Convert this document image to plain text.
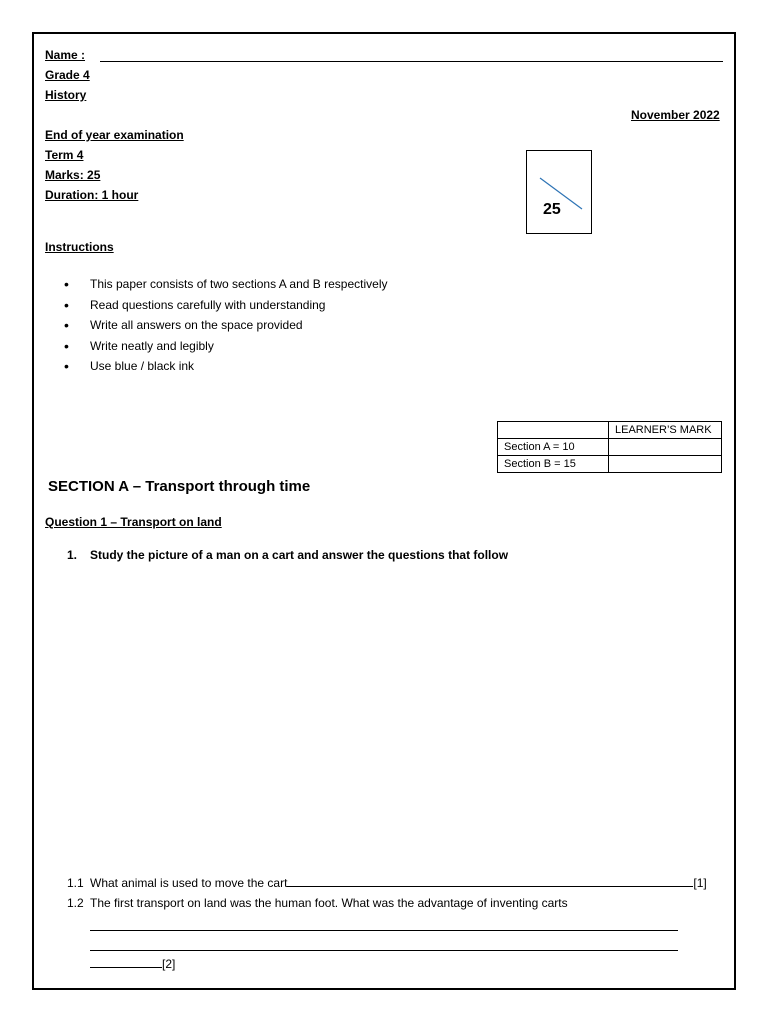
Name :
Grade 4
History
November 2022
End of year examination
Term 4
Marks: 25
Duration: 1 hour
25
Instructions
• This paper consists of two sections A and B respectively
• Read questions carefully with understanding
• Write all answers on the space provided
• Write neatly and legibly
• Use blue / black ink
	LEARNER’S MARK
Section A = 10	
Section B = 15	
SECTION A – Transport through time
Question 1 – Transport on land
1. Study the picture of a man on a cart and answer the questions that follow
1.1 What animal is used to move the cart	[1]
1.2 The first transport on land was the human foot. What was the advantage of inventing carts
[2]
